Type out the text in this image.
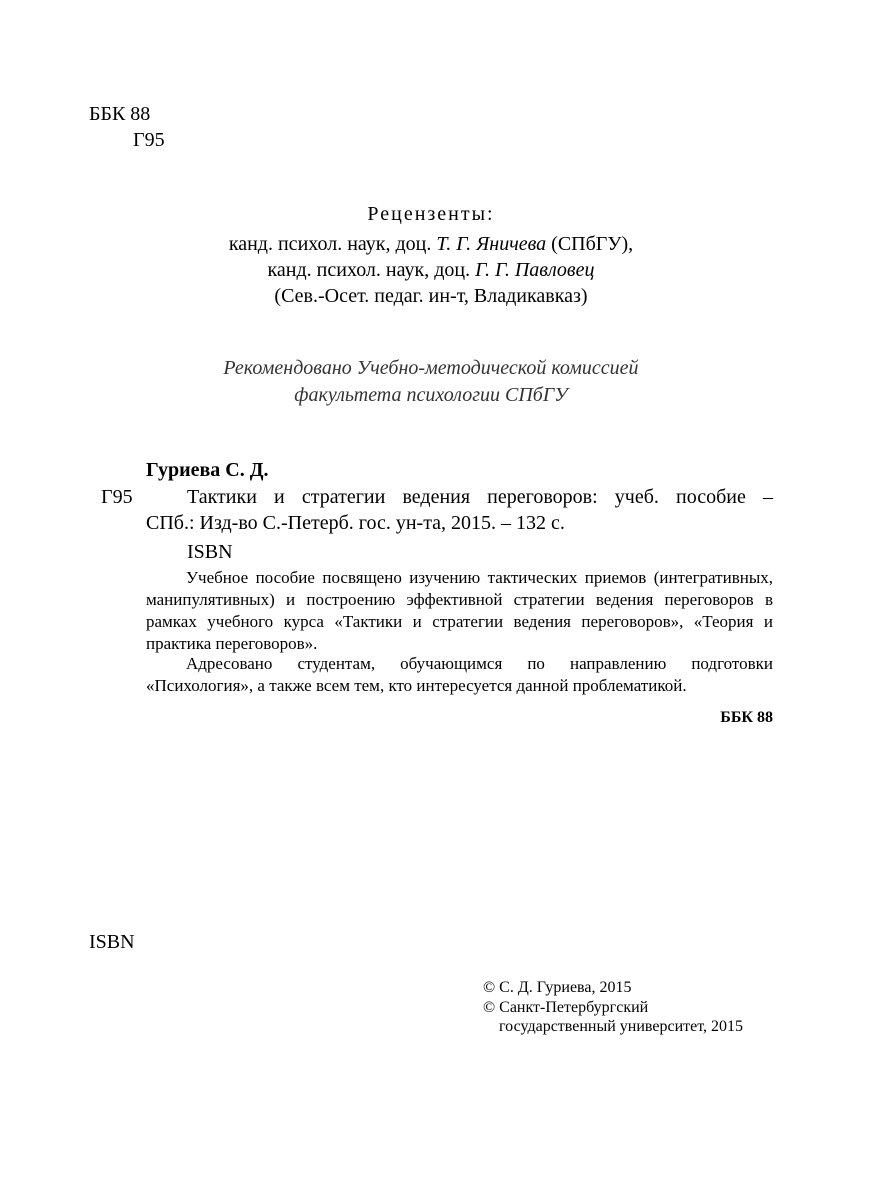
ББК 88
Г95
Рецензенты:
канд. психол. наук, доц. Т. Г. Яничева (СПбГУ),
канд. психол. наук, доц. Г. Г. Павловец
(Сев.-Осет. педаг. ин-т, Владикавказ)
Рекомендовано Учебно-методической комиссией
факультета психологии СПбГУ
Гуриева С. Д.
Г95	Тактики и стратегии ведения переговоров: учеб. пособие –
СПб.: Изд-во С.-Петерб. гос. ун-та, 2015. – 132 с.
ISBN
Учебное пособие посвящено изучению тактических приемов (интегративных, манипулятивных) и построению эффективной стратегии ведения переговоров в рамках учебного курса «Тактики и стратегии ведения переговоров», «Теория и практика переговоров».
Адресовано студентам, обучающимся по направлению подготовки «Психология», а также всем тем, кто интересуется данной проблематикой.
ББК 88
ISBN
© С. Д. Гуриева, 2015
© Санкт-Петербургский
государственный университет, 2015
